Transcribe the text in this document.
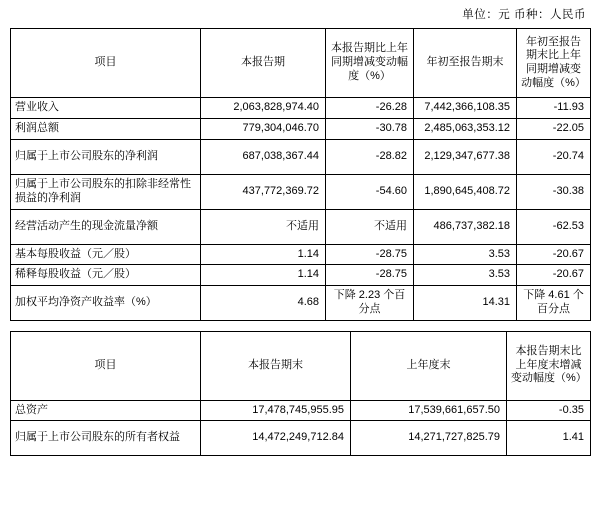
单位：元 币种：人民币
项目	本报告期	本报告期比上年同期增减变动幅度（%）	年初至报告期末	年初至报告期末比上年同期增减变动幅度（%）
营业收入	2,063,828,974.40	-26.28	7,442,366,108.35	-11.93
利润总额	779,304,046.70	-30.78	2,485,063,353.12	-22.05
归属于上市公司股东的净利润	687,038,367.44	-28.82	2,129,347,677.38	-20.74
归属于上市公司股东的扣除非经常性损益的净利润	437,772,369.72	-54.60	1,890,645,408.72	-30.38
经营活动产生的现金流量净额	不适用	不适用	486,737,382.18	-62.53
基本每股收益（元／股）	1.14	-28.75	3.53	-20.67
稀释每股收益（元／股）	1.14	-28.75	3.53	-20.67
加权平均净资产收益率（%）	4.68	下降 2.23 个百分点	14.31	下降 4.61 个百分点
项目	本报告期末	上年度末	本报告期末比上年度末增减变动幅度（%）
总资产	17,478,745,955.95	17,539,661,657.50	-0.35
归属于上市公司股东的所有者权益	14,472,249,712.84	14,271,727,825.79	1.41
